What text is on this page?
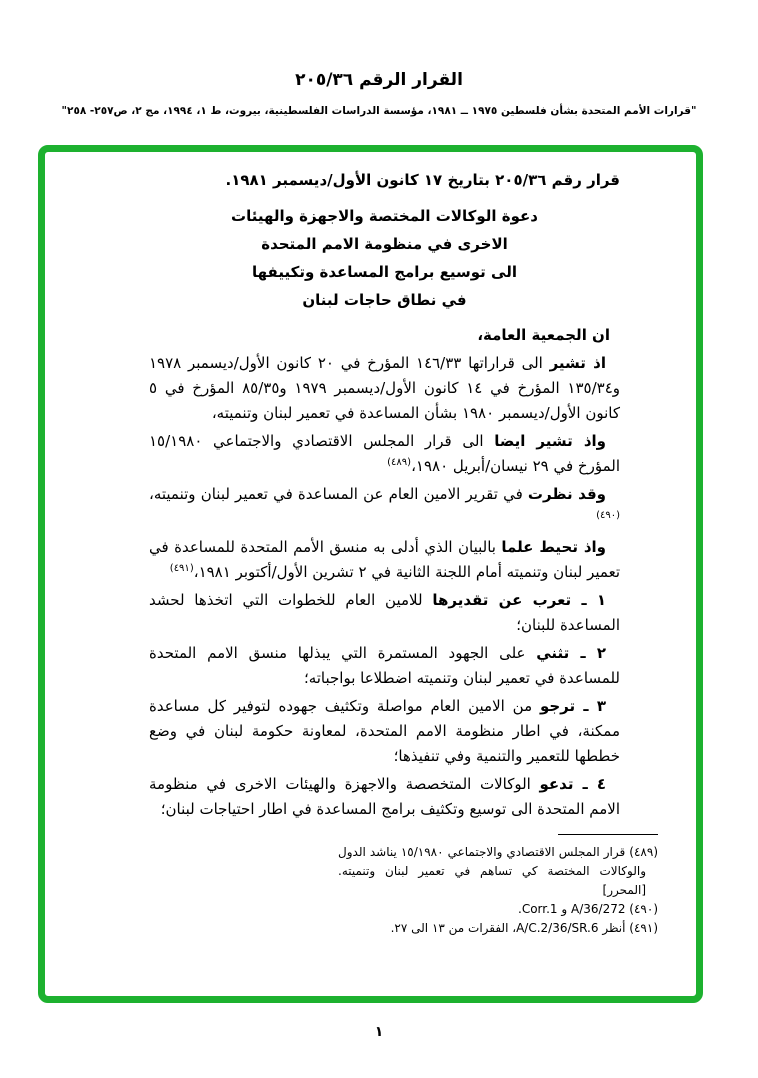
القرار الرقم ٢٠٥/٣٦
"قرارات الأمم المتحدة بشأن فلسطين ١٩٧٥ ــ ١٩٨١، مؤسسة الدراسات الفلسطينية، بيروت، ط ١، ١٩٩٤، مج ٢، ص٢٥٧- ٢٥٨"

قرار رقم ٢٠٥/٣٦ بتاريخ ١٧ كانون الأول/ديسمبر ١٩٨١.

دعوة الوكالات المختصة والاجهزة والهيئات
الاخرى في منظومة الامم المتحدة
الى توسيع برامج المساعدة وتكييفها
في نطاق حاجات لبنان

ان الجمعية العامة،

اذ تشير الى قراراتها ١٤٦/٣٣ المؤرخ في ٢٠ كانون الأول/ديسمبر ١٩٧٨ و١٣٥/٣٤ المؤرخ في ١٤ كانون الأول/ديسمبر ١٩٧٩ و٨٥/٣٥ المؤرخ في ٥ كانون الأول/ديسمبر ١٩٨٠ بشأن المساعدة في تعمير لبنان وتنميته،

واذ تشير ايضا الى قرار المجلس الاقتصادي والاجتماعي ١٥/١٩٨٠ المؤرخ في ٢٩ نيسان/أبريل ١٩٨٠،$^{(٤٨٩)}$

وقد نظرت في تقرير الامين العام عن المساعدة في تعمير لبنان وتنميته،$^{(٤٩٠)}$

واذ تحيط علما بالبيان الذي أدلى به منسق الأمم المتحدة للمساعدة في تعمير لبنان وتنميته أمام اللجنة الثانية في ٢ تشرين الأول/أكتوبر ١٩٨١،$^{(٤٩١)}$

١ ـ تعرب عن تقديرها للامين العام للخطوات التي اتخذها لحشد المساعدة للبنان؛

٢ ـ تثني على الجهود المستمرة التي يبذلها منسق الامم المتحدة للمساعدة في تعمير لبنان وتنميته اضطلاعا بواجباته؛

٣ ـ ترجو من الامين العام مواصلة وتكثيف جهوده لتوفير كل مساعدة ممكنة، في اطار منظومة الامم المتحدة، لمعاونة حكومة لبنان في وضع خططها للتعمير والتنمية وفي تنفيذها؛

٤ ـ تدعو الوكالات المتخصصة والاجهزة والهيئات الاخرى في منظومة الامم المتحدة الى توسيع وتكثيف برامج المساعدة في اطار احتياجات لبنان؛

(٤٨٩) قرار المجلس الاقتصادي والاجتماعي ١٥/١٩٨٠ يناشد الدول والوكالات المختصة كي تساهم في تعمير لبنان وتنميته. [المحرر]

(٤٩٠) A/36/272 و Corr.1.

(٤٩١) أنظر A/C.2/36/SR.6، الفقرات من ١٣ الى ٢٧.

١
